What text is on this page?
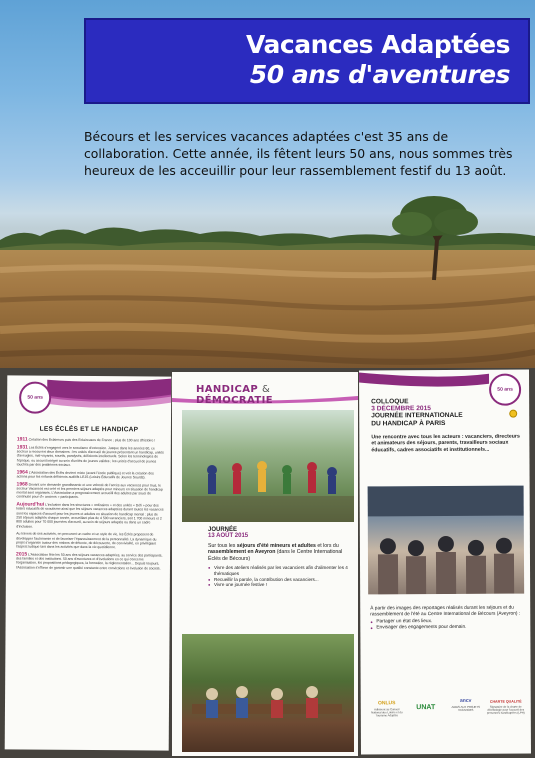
Vacances Adaptées
50 ans d'aventures

Bécours et les services vacances adaptées c'est 35 ans de collaboration. Cette année, ils fêtent leurs 50 ans, nous sommes très heureux de les acceuillir pour leur rassemblement festif du 13 août.

50 ans
LES ÉCLÉS ET LE HANDICAP

1911 Création des Eclaireurs puis des Eclaireuses de France ; plus de 100 ans d'histoire !

1931 Les Éclés s'engagent vers le scoutisme d'extension. Jusque dans les années 60, ce secteur a recouvert deux domaines : les unités d'accueil de jeunes présentant un handicap, unités d'aveugles, mal-voyants, sourds, paralysés, déficients intellectuels. Selon les terminologies de l'époque, ou accueil intégré au sein d'unités de jeunes valides ; les unités d'accueil de jeunes touchés par des problèmes sociaux.

1964 L'Association des Éclés devient mixte (avant l'école publique) et voit la création des actions pour les enfants déficients auditifs LEJS (Loisirs Éducatifs de Jeunes Sourds).

1968 Devant une demande grandissante et une volonté de l'accès aux vacances pour tous, le secteur Vacances est créé et les premiers séjours adaptés pour mineurs en situation de handicap mental sont organisés. L'Association a progressivement accueilli des adultes par souci de continuité pour d'« anciens » participants.

Aujourd'hui L'inclusion dans les structures « ordinaires » et des unités « Défi » pour des loisirs éducatifs de scoutisme ainsi que les séjours vacances adaptées durant toutes les vacances sont les espaces d'accueil pour les jeunes et adultes en situation de handicap mental : plus de 250 séjours adaptés chaque année, accueillant plus de 4 500 vacanciers, soit 1 700 mineurs et 2 800 adultes pour 70 000 journées d'accueil, au sein de séjours adaptés ou dans un cadre d'inclusion.

Au travers de ses activités, en procurant un cadre et un style de vie, les Éclés proposent de développer l'autonomie et de favoriser l'épanouissement de la personnalité. La dynamique du projet s'organise autour des notions de détente, de découverte, de convivialité, en privilégiant l'aspect ludique tant dans les activités que dans la vie quotidienne.

2015 L'Association fête les 50 ans des séjours vacances adaptées, au service des participants, des familles et des institutions. 50 ans d'aventures et d'évolutions en ce qui concerne l'organisation, les propositions pédagogiques, la formation, la réglementation... Depuis toujours, l'Association s'efforce de garantir une qualité constante entre convictions et évolution de société.

HANDICAP & DÉMOCRATIE
JOURNÉE
13 AOÛT 2015

Sur tous les séjours d'été mineurs et adultes et lors du rassemblement en Aveyron (dans le Centre International Éclés de Bécours)

● Vivre des ateliers réalisés par les vacanciers afin d'alimenter les 4 thématiques
● Recueillir la parole, la contribution des vacanciers...
● Vivre une journée festive !
50 ans
COLLOQUE
3 DÉCEMBRE 2015
JOURNÉE INTERNATIONALE
DU HANDICAP À PARIS

Une rencontre avec tous les acteurs : vacanciers, directeurs et animateurs des séjours, parents, travailleurs sociaux éducatifs, cadres associatifs et institutionnels...

À partir des images des reportages réalisés durant les séjours et du rassemblement de l'été au Centre International de Bécours (Aveyron) :

● Partager un état des lieux.
● Envisager des engagements pour demain.
ONLUS
Adhérent au Conseil National des Loisirs et du Tourisme Adaptés
UNAT
ancv
AIDES AUX PROJETS VACANCES
CHARTE QUALITÉ
Signataire de la charte de déontologie pour l'accueil des personnes handicapées (LPH)
